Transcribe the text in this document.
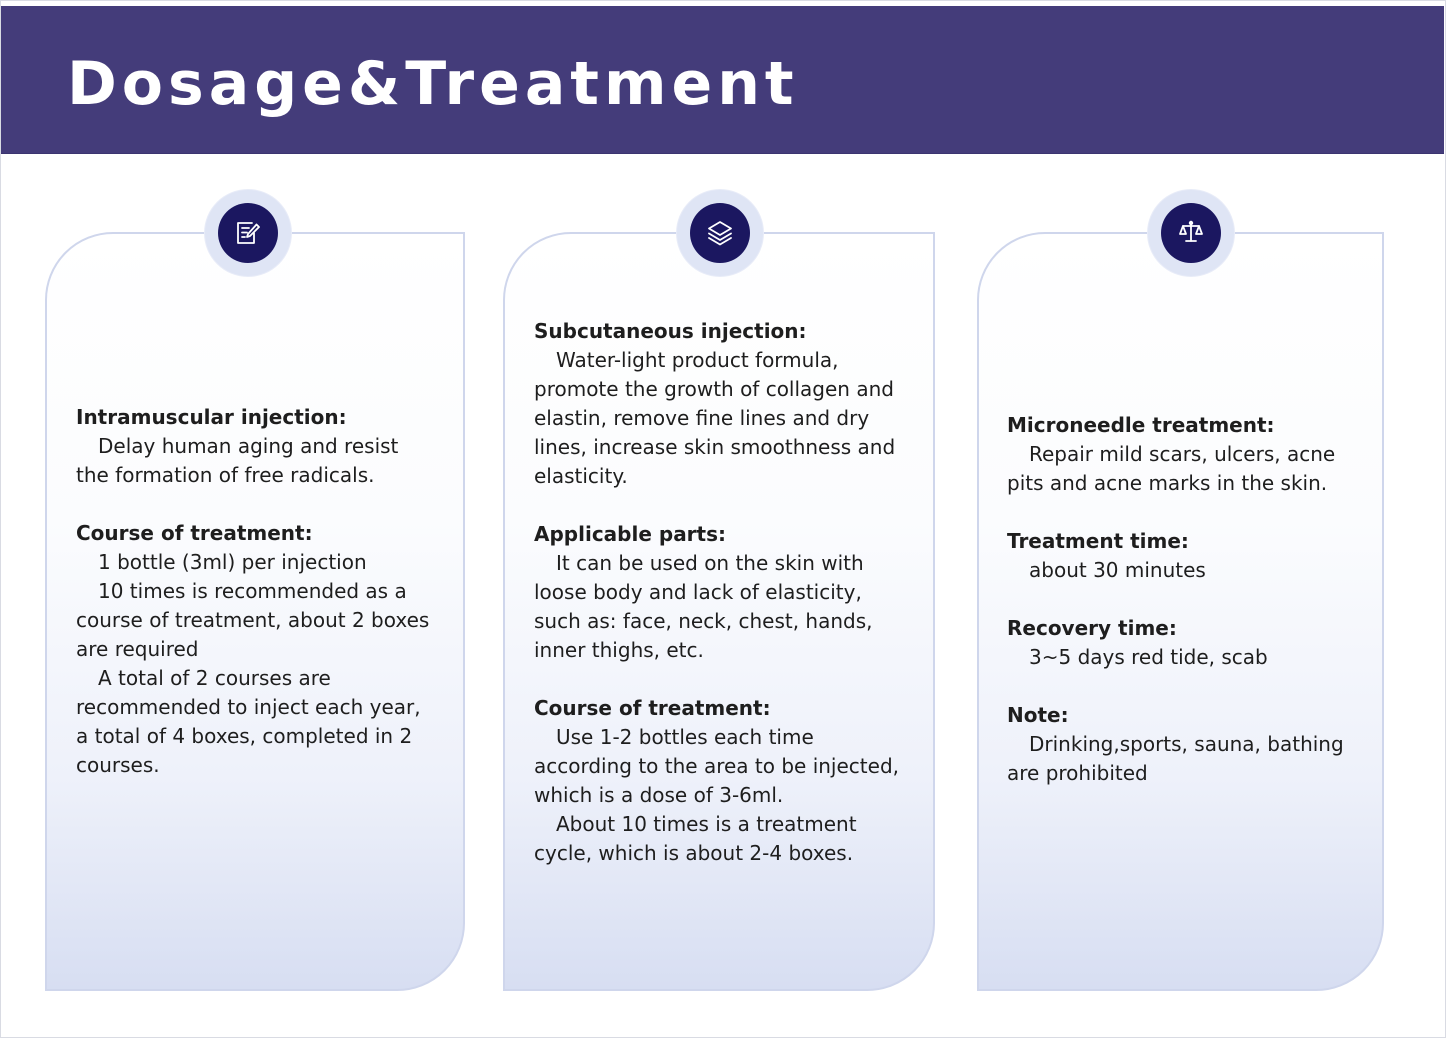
Dosage&Treatment
Intramuscular injection:
Delay human aging and resist the formation of free radicals.
Course of treatment:
1 bottle (3ml) per injection
10 times is recommended as a course of treatment, about 2 boxes are required
A total of 2 courses are recommended to inject each year, a total of 4 boxes, completed in 2 courses.
Subcutaneous injection:
Water-light product formula, promote the growth of collagen and elastin, remove fine lines and dry lines, increase skin smoothness and elasticity.
Applicable parts:
It can be used on the skin with loose body and lack of elasticity, such as: face, neck, chest, hands, inner thighs, etc.
Course of treatment:
Use 1-2 bottles each time according to the area to be injected, which is a dose of 3-6ml.
About 10 times is a treatment cycle, which is about 2-4 boxes.
Microneedle treatment:
Repair mild scars, ulcers, acne pits and acne marks in the skin.
Treatment time:
about 30 minutes
Recovery time:
3~5 days red tide, scab
Note:
Drinking,sports, sauna, bathing are prohibited
